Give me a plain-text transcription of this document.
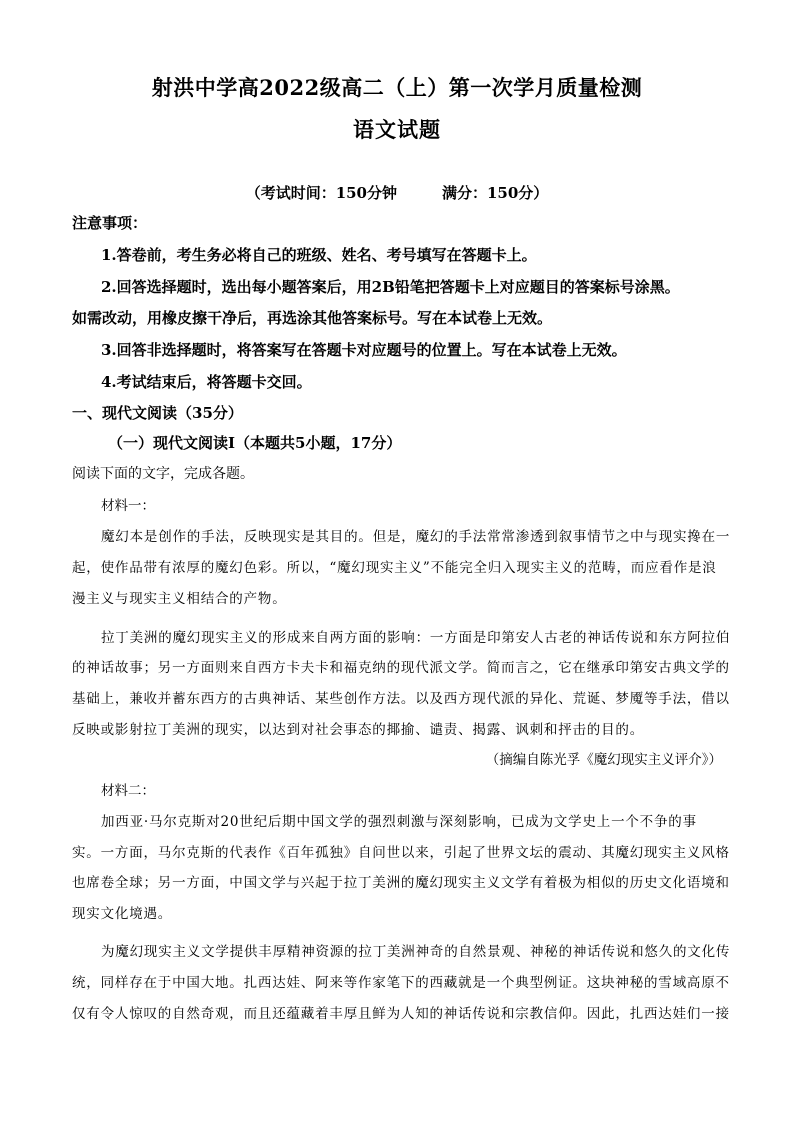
射洪中学高2022级高二（上）第一次学月质量检测
语文试题
（考试时间：150分钟　　　满分：150分）
注意事项：
1.答卷前，考生务必将自己的班级、姓名、考号填写在答题卡上。
2.回答选择题时，选出每小题答案后，用2B铅笔把答题卡上对应题目的答案标号涂黑。
如需改动，用橡皮擦干净后，再选涂其他答案标号。写在本试卷上无效。
3.回答非选择题时，将答案写在答题卡对应题号的位置上。写在本试卷上无效。
4.考试结束后，将答题卡交回。
一、现代文阅读（35分）
（一）现代文阅读Ⅰ（本题共5小题，17分）
阅读下面的文字，完成各题。
材料一：
魔幻本是创作的手法，反映现实是其目的。但是，魔幻的手法常常渗透到叙事情节之中与现实搀在一
起，使作品带有浓厚的魔幻色彩。所以，“魔幻现实主义”不能完全归入现实主义的范畴，而应看作是浪
漫主义与现实主义相结合的产物。
拉丁美洲的魔幻现实主义的形成来自两方面的影响：一方面是印第安人古老的神话传说和东方阿拉伯
的神话故事；另一方面则来自西方卡夫卡和福克纳的现代派文学。简而言之，它在继承印第安古典文学的
基础上，兼收并蓄东西方的古典神话、某些创作方法。以及西方现代派的异化、荒诞、梦魇等手法，借以
反映或影射拉丁美洲的现实，以达到对社会事态的揶揄、谴责、揭露、讽刺和抨击的目的。
（摘编自陈光孚《魔幻现实主义评介》）
材料二：
加西亚·马尔克斯对20世纪后期中国文学的强烈刺激与深刻影响，已成为文学史上一个不争的事
实。一方面，马尔克斯的代表作《百年孤独》自问世以来，引起了世界文坛的震动、其魔幻现实主义风格
也席卷全球；另一方面，中国文学与兴起于拉丁美洲的魔幻现实主义文学有着极为相似的历史文化语境和
现实文化境遇。
为魔幻现实主义文学提供丰厚精神资源的拉丁美洲神奇的自然景观、神秘的神话传说和悠久的文化传
统，同样存在于中国大地。扎西达娃、阿来等作家笔下的西藏就是一个典型例证。这块神秘的雪域高原不
仅有令人惊叹的自然奇观，而且还蕴藏着丰厚且鲜为人知的神话传说和宗教信仰。因此，扎西达娃们一接
